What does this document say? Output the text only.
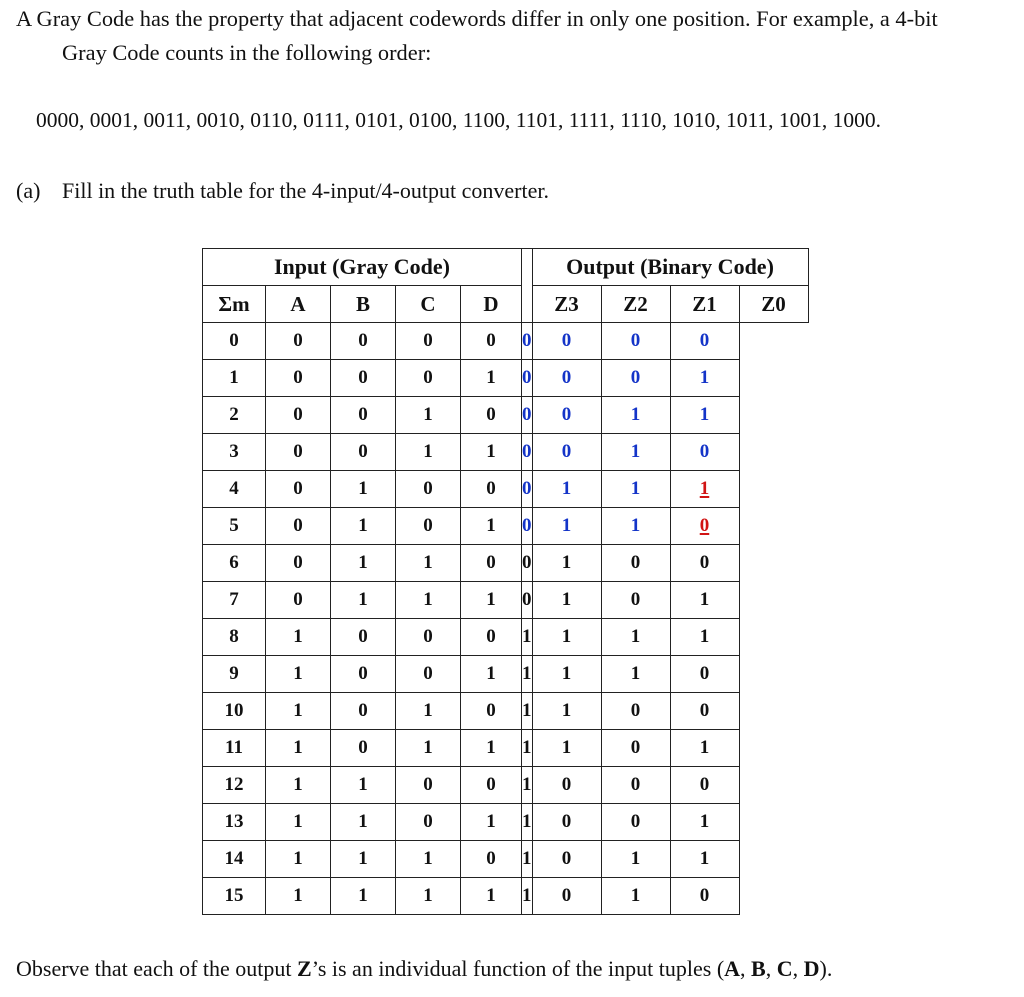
A Gray Code has the property that adjacent codewords differ in only one position. For example, a 4-bit
Gray Code counts in the following order:

0000, 0001, 0011, 0010, 0110, 0111, 0101, 0100, 1100, 1101, 1111, 1110, 1010, 1011, 1001, 1000.

(a) Fill in the truth table for the 4-input/4-output converter.

Input (Gray Code)						Output (Binary Code)			
Σm	A	B	C	D		Z3	Z2	Z1	Z0
0	0	0	0	0	0	0	0	0	
1	0	0	0	1	0	0	0	1	
2	0	0	1	0	0	0	1	1	
3	0	0	1	1	0	0	1	0	
4	0	1	0	0	0	1	1	1	
5	0	1	0	1	0	1	1	0	
6	0	1	1	0	0	1	0	0	
7	0	1	1	1	0	1	0	1	
8	1	0	0	0	1	1	1	1	
9	1	0	0	1	1	1	1	0	
10	1	0	1	0	1	1	0	0	
11	1	0	1	1	1	1	0	1	
12	1	1	0	0	1	0	0	0	
13	1	1	0	1	1	0	0	1	
14	1	1	1	0	1	0	1	1	
15	1	1	1	1	1	0	1	0	

Observe that each of the output Z’s is an individual function of the input tuples (A, B, C, D).
